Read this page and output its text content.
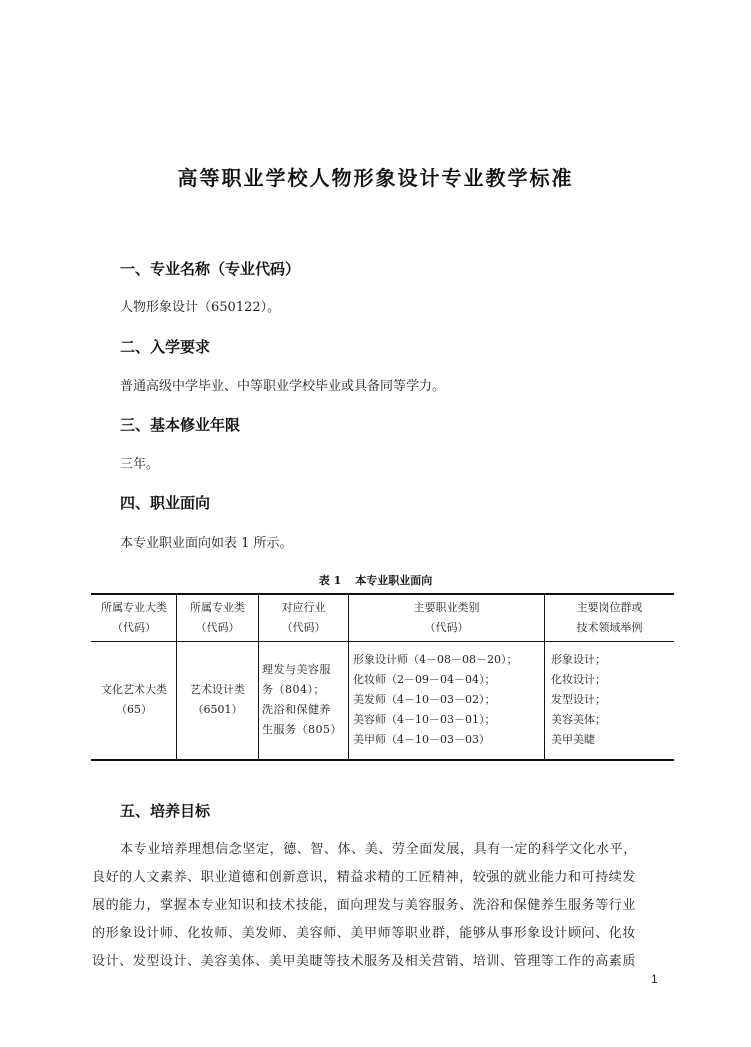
高等职业学校人物形象设计专业教学标准
一、专业名称（专业代码）
人物形象设计（650122）。
二、入学要求
普通高级中学毕业、中等职业学校毕业或具备同等学力。
三、基本修业年限
三年。
四、职业面向
本专业职业面向如表 1 所示。
表 1 本专业职业面向
所属专业大类
（代码）
所属专业类
（代码）
对应行业
（代码）
主要职业类别
（代码）
主要岗位群或
技术领域举例
文化艺术大类
（65）
艺术设计类
（6501）
理发与美容服
务（804）；
洗浴和保健养
生服务（805）
形象设计师（4－08－08－20）；
化妆师（2－09－04－04）；
美发师（4－10－03－02）；
美容师（4－10－03－01）；
美甲师（4－10－03－03）
形象设计；
化妆设计；
发型设计；
美容美体；
美甲美睫
五、培养目标
本专业培养理想信念坚定，德、智、体、美、劳全面发展，具有一定的科学文化水平，
良好的人文素养、职业道德和创新意识，精益求精的工匠精神，较强的就业能力和可持续发
展的能力，掌握本专业知识和技术技能，面向理发与美容服务、洗浴和保健养生服务等行业
的形象设计师、化妆师、美发师、美容师、美甲师等职业群，能够从事形象设计顾问、化妆
设计、发型设计、美容美体、美甲美睫等技术服务及相关营销、培训、管理等工作的高素质
1
